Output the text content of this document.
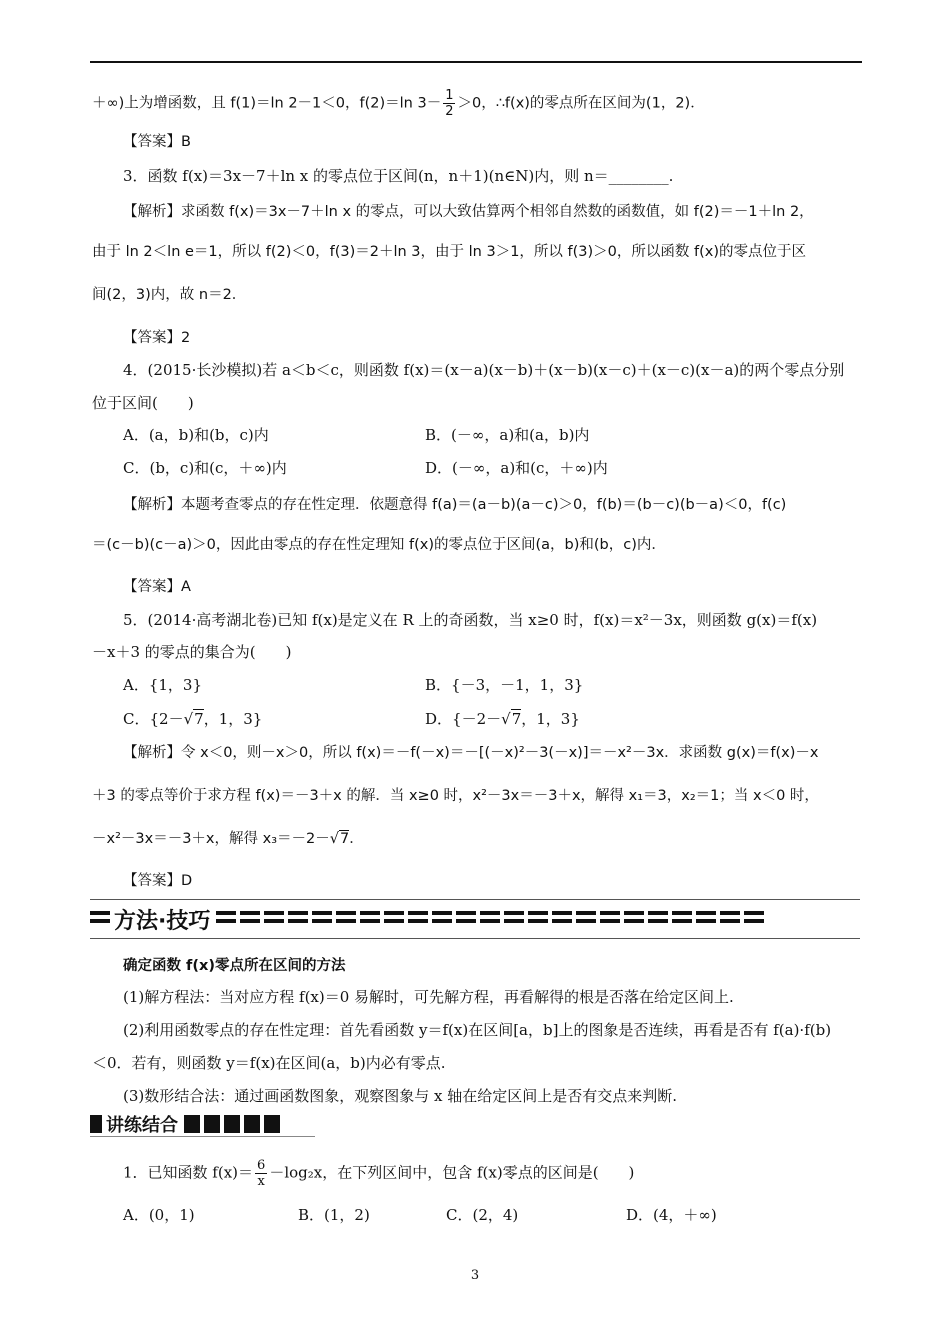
＋∞)上为增函数，且 f(1)＝ln 2－1＜0，f(2)＝ln $3- \frac{1}{2} >0$，∴f(x)的零点所在区间为(1，2)．
【答案】B
3．函数 f(x)＝3x－7＋ln x 的零点位于区间(n，n＋1)(n∈N)内，则 n＝________.
【解析】求函数 f(x)＝3x－7＋ln x 的零点，可以大致估算两个相邻自然数的函数值，如 f(2)＝－1＋ln 2，
由于 ln 2＜ln e＝1，所以 f(2)＜0，f(3)＝2＋ln 3，由于 ln 3＞1，所以 f(3)＞0，所以函数 f(x)的零点位于区
间(2，3)内，故 n＝2．
【答案】2
4．(2015·长沙模拟)若 a＜b＜c，则函数 f(x)＝(x－a)(x－b)＋(x－b)(x－c)＋(x－c)(x－a)的两个零点分别
位于区间(　　)
A．(a，b)和(b，c)内	B．(－∞，a)和(a，b)内
C．(b，c)和(c，＋∞)内	D．(－∞，a)和(c，＋∞)内
【解析】本题考查零点的存在性定理．依题意得 f(a)＝(a－b)(a－c)＞0，f(b)＝(b－c)(b－a)＜0，f(c)
＝(c－b)(c－a)＞0，因此由零点的存在性定理知 f(x)的零点位于区间(a，b)和(b，c)内．
【答案】A
5．(2014·高考湖北卷)已知 f(x)是定义在 R 上的奇函数，当 x≥0 时，f(x)＝x²－3x，则函数 g(x)＝f(x)
－x＋3 的零点的集合为(　　)
A．{1，3}	B．{－3，－1，1，3}
C．{2－√7，1，3}	D．{－2－√7，1，3}
【解析】令 x＜0，则－x＞0，所以 f(x)＝－f(－x)＝－[(－x)²－3(－x)]＝－x²－3x．求函数 g(x)＝f(x)－x
＋3 的零点等价于求方程 f(x)＝－3＋x 的解．当 x≥0 时，x²－3x＝－3＋x，解得 x₁＝3，x₂＝1；当 x＜0 时，
－x²－3x＝－3＋x，解得 x₃＝－2－√7．
【答案】D
方法·技巧
确定函数 f(x)零点所在区间的方法
(1)解方程法：当对应方程 f(x)＝0 易解时，可先解方程，再看解得的根是否落在给定区间上.
(2)利用函数零点的存在性定理：首先看函数 y＝f(x)在区间[a，b]上的图象是否连续，再看是否有 f(a)·f(b)
＜0．若有，则函数 y＝f(x)在区间(a，b)内必有零点.
(3)数形结合法：通过画函数图象，观察图象与 x 轴在给定区间上是否有交点来判断.
讲练结合
1．已知函数 $f(x)= \frac{6}{x} -\log_2x$，在下列区间中，包含 f(x)零点的区间是(　　)
A．(0，1)	B．(1，2)	C．(2，4)	D．(4，＋∞)
3
